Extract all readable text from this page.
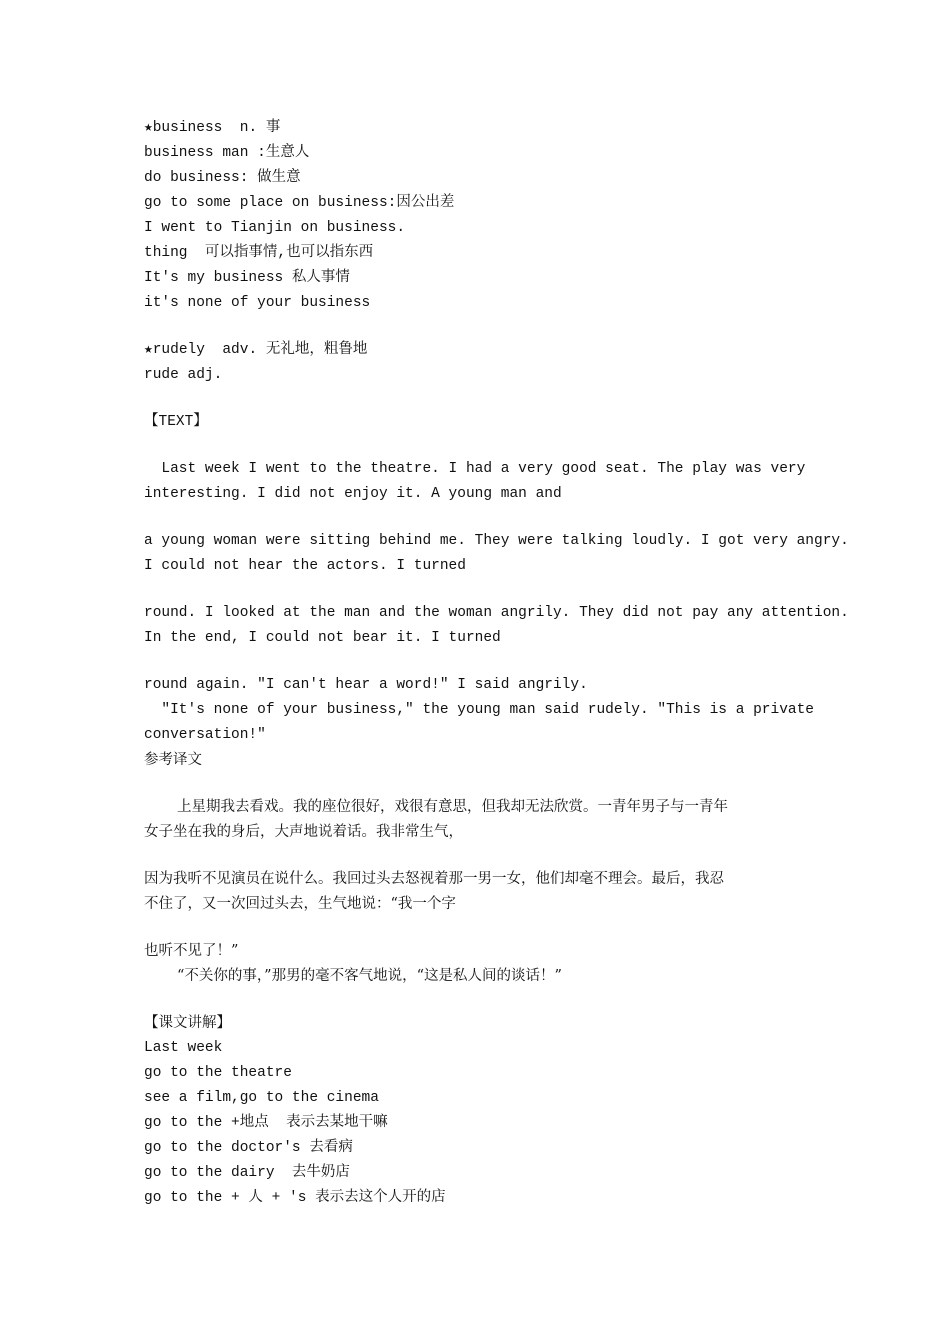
★business  n. 事
business man :生意人
do business: 做生意
go to some place on business:因公出差
I went to Tianjin on business.
thing  可以指事情,也可以指东西
It's my business 私人事情
it's none of your business
★rudely  adv. 无礼地，粗鲁地
rude adj.
【TEXT】
Last week I went to the theatre. I had a very good seat. The play was very
interesting. I did not enjoy it. A young man and
a young woman were sitting behind me. They were talking loudly. I got very angry.
I could not hear the actors. I turned
round. I looked at the man and the woman angrily. They did not pay any attention.
In the end, I could not bear it. I turned
round again. "I can't hear a word!" I said angrily.
"It's none of your business," the young man said rudely. "This is a private
conversation!"
参考译文
上星期我去看戏。我的座位很好，戏很有意思，但我却无法欣赏。一青年男子与一青年
女子坐在我的身后，大声地说着话。我非常生气，
因为我听不见演员在说什么。我回过头去怒视着那一男一女，他们却毫不理会。最后，我忍
不住了，又一次回过头去，生气地说：“我一个字
也听不见了！”
“不关你的事，”那男的毫不客气地说，“这是私人间的谈话！”
【课文讲解】
Last week
go to the theatre
see a film,go to the cinema
go to the +地点  表示去某地干嘛
go to the doctor's 去看病
go to the dairy  去牛奶店
go to the + 人 + 's 表示去这个人开的店
